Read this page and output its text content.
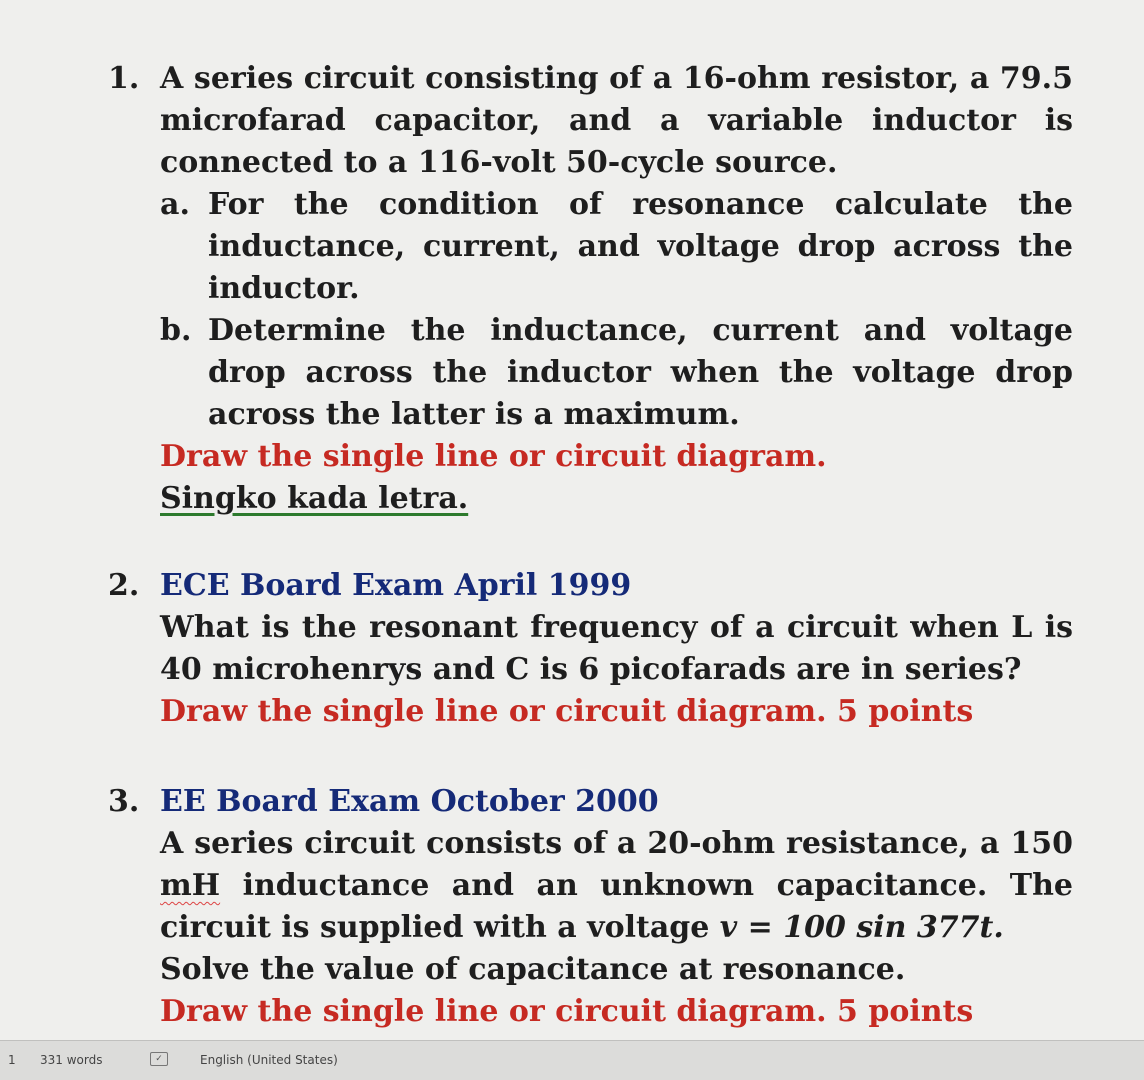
1. A series circuit consisting of a 16-ohm resistor, a 79.5 microfarad capacitor, and a variable inductor is connected to a 116-volt 50-cycle source.
a. For the condition of resonance calculate the inductance, current, and voltage drop across the inductor.
b. Determine the inductance, current and voltage drop across the inductor when the voltage drop across the latter is a maximum.
Draw the single line or circuit diagram.
Singko kada letra.
2. ECE Board Exam April 1999
What is the resonant frequency of a circuit when L is 40 microhenrys and C is 6 picofarads are in series?
Draw the single line or circuit diagram. 5 points
3. EE Board Exam October 2000
A series circuit consists of a 20-ohm resistance, a 150 mH inductance and an unknown capacitance. The circuit is supplied with a voltage v = 100 sin 377t.
Solve the value of capacitance at resonance.
Draw the single line or circuit diagram. 5 points
1 331 words	✓	English (United States)
